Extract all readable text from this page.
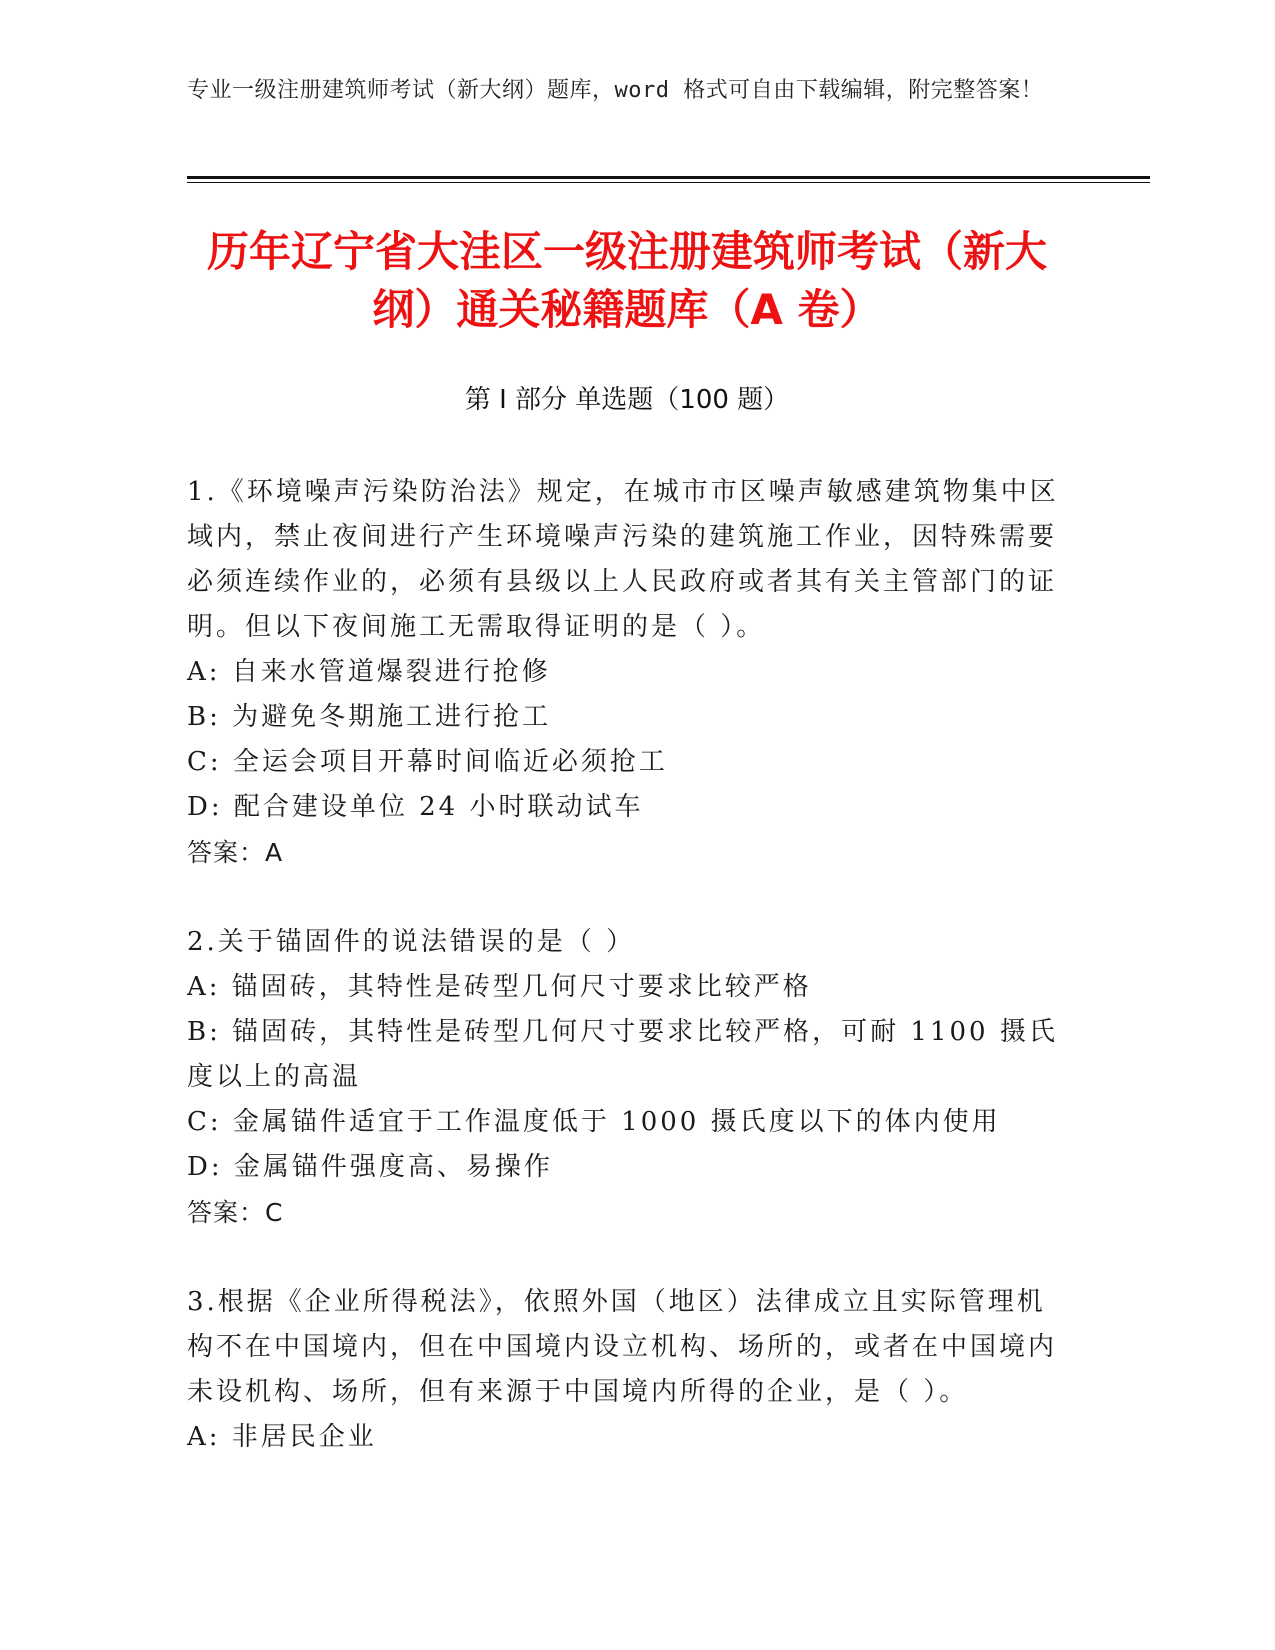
专业一级注册建筑师考试（新大纲）题库，word 格式可自由下载编辑，附完整答案！
历年辽宁省大洼区一级注册建筑师考试（新大纲）通关秘籍题库（A 卷）
第 I 部分 单选题（100 题）

1.《环境噪声污染防治法》规定，在城市市区噪声敏感建筑物集中区域内，禁止夜间进行产生环境噪声污染的建筑施工作业，因特殊需要必须连续作业的，必须有县级以上人民政府或者其有关主管部门的证明。但以下夜间施工无需取得证明的是（ ）。

A: 自来水管道爆裂进行抢修

B: 为避免冬期施工进行抢工

C: 全运会项目开幕时间临近必须抢工

D: 配合建设单位 24 小时联动试车

答案：A

2.关于锚固件的说法错误的是（ ）

A: 锚固砖，其特性是砖型几何尺寸要求比较严格

B: 锚固砖，其特性是砖型几何尺寸要求比较严格，可耐 1100 摄氏度以上的高温

C: 金属锚件适宜于工作温度低于 1000 摄氏度以下的体内使用

D: 金属锚件强度高、易操作

答案：C

3.根据《企业所得税法》，依照外国（地区）法律成立且实际管理机构不在中国境内，但在中国境内设立机构、场所的，或者在中国境内未设机构、场所，但有来源于中国境内所得的企业，是（ ）。

A: 非居民企业
